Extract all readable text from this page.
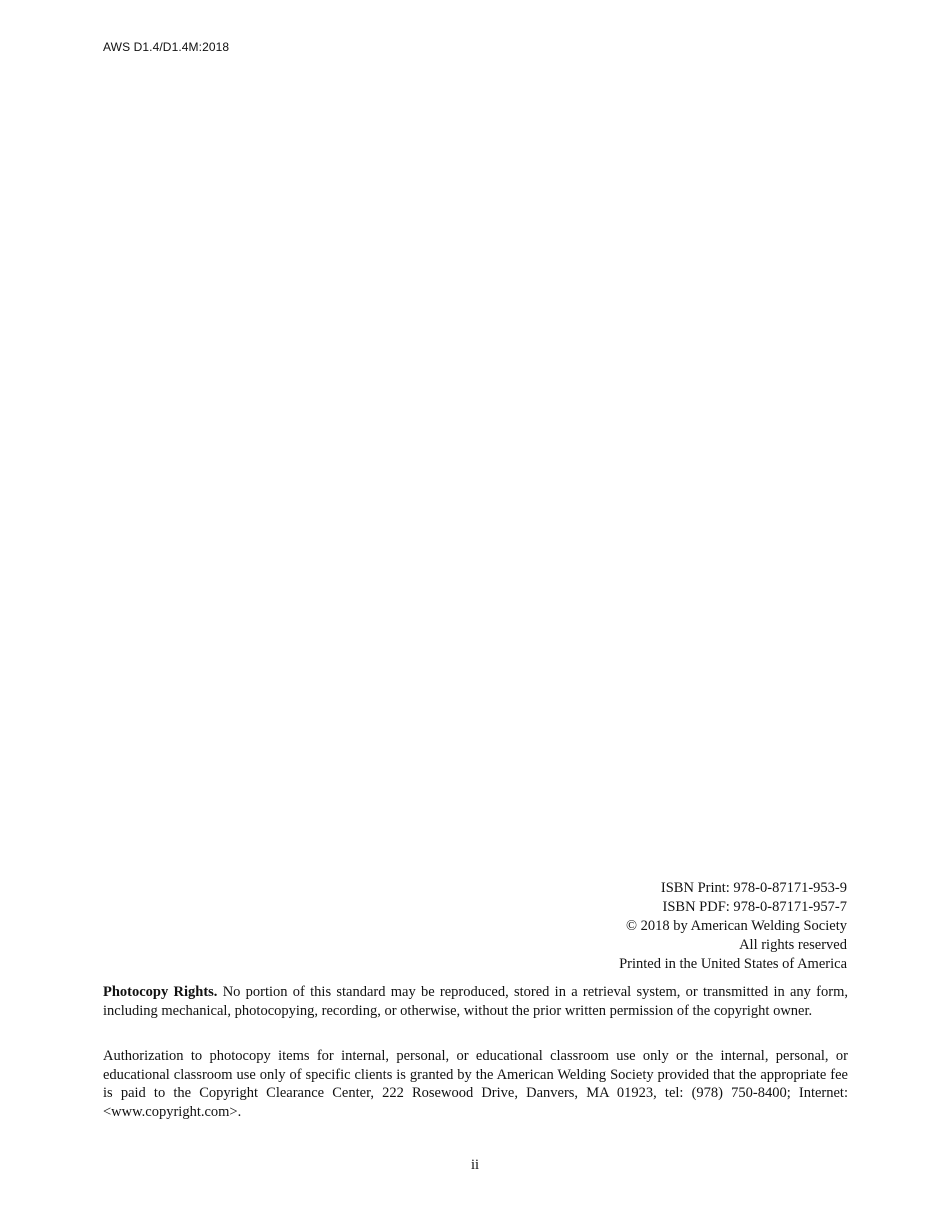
AWS D1.4/D1.4M:2018
ISBN Print: 978-0-87171-953-9
ISBN PDF: 978-0-87171-957-7
© 2018 by American Welding Society
All rights reserved
Printed in the United States of America

Photocopy Rights. No portion of this standard may be reproduced, stored in a retrieval system, or transmitted in any form, including mechanical, photocopying, recording, or otherwise, without the prior written permission of the copyright owner.

Authorization to photocopy items for internal, personal, or educational classroom use only or the internal, personal, or educational classroom use only of specific clients is granted by the American Welding Society provided that the appropriate fee is paid to the Copyright Clearance Center, 222 Rosewood Drive, Danvers, MA 01923, tel: (978) 750-8400; Internet: <www.copyright.com>.

ii
